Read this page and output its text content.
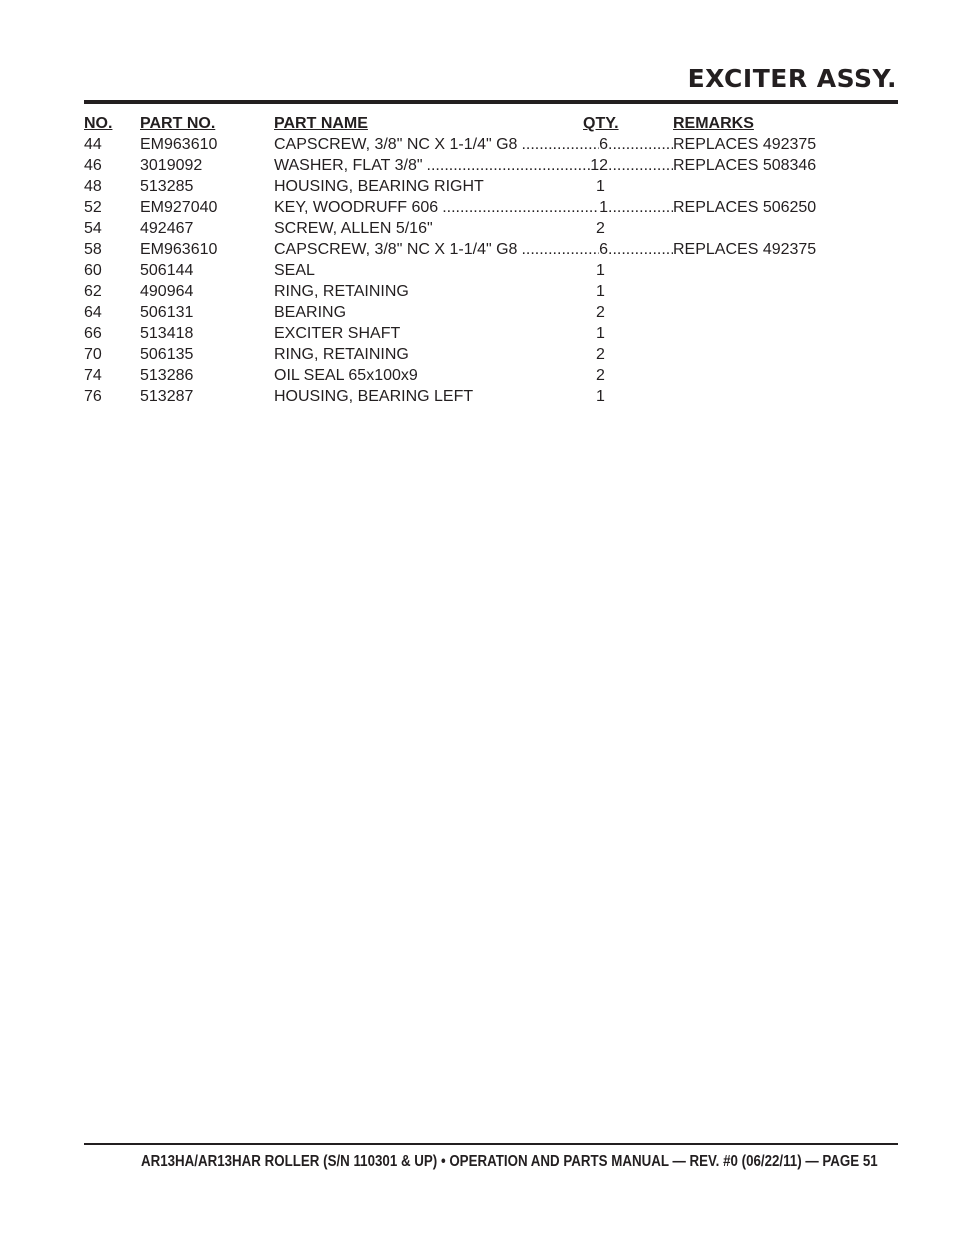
EXCITER ASSY.
NO. PART NO.	PART NAME	QTY.	REMARKS
44 EM963610	CAPSCREW, 3/8" NC X 1-1/4" G8 .....	6 .....	REPLACES 492375
46 3019092	WASHER, FLAT 3/8" .....	12 .....	REPLACES 508346
48 513285	HOUSING, BEARING RIGHT	1
52 EM927040	KEY, WOODRUFF 606 .....	1 .....	REPLACES 506250
54 492467	SCREW, ALLEN 5/16"	2
58 EM963610	CAPSCREW, 3/8" NC X 1-1/4" G8 .....	6 .....	REPLACES 492375
60 506144	SEAL	1
62 490964	RING, RETAINING	1
64 506131	BEARING	2
66 513418	EXCITER SHAFT	1
70 506135	RING, RETAINING	2
74 513286	OIL SEAL 65x100x9	2
76 513287	HOUSING, BEARING LEFT	1

AR13HA/AR13HAR ROLLER (S/N 110301 & UP) • OPERATION AND PARTS MANUAL — REV. #0 (06/22/11) — PAGE 51
